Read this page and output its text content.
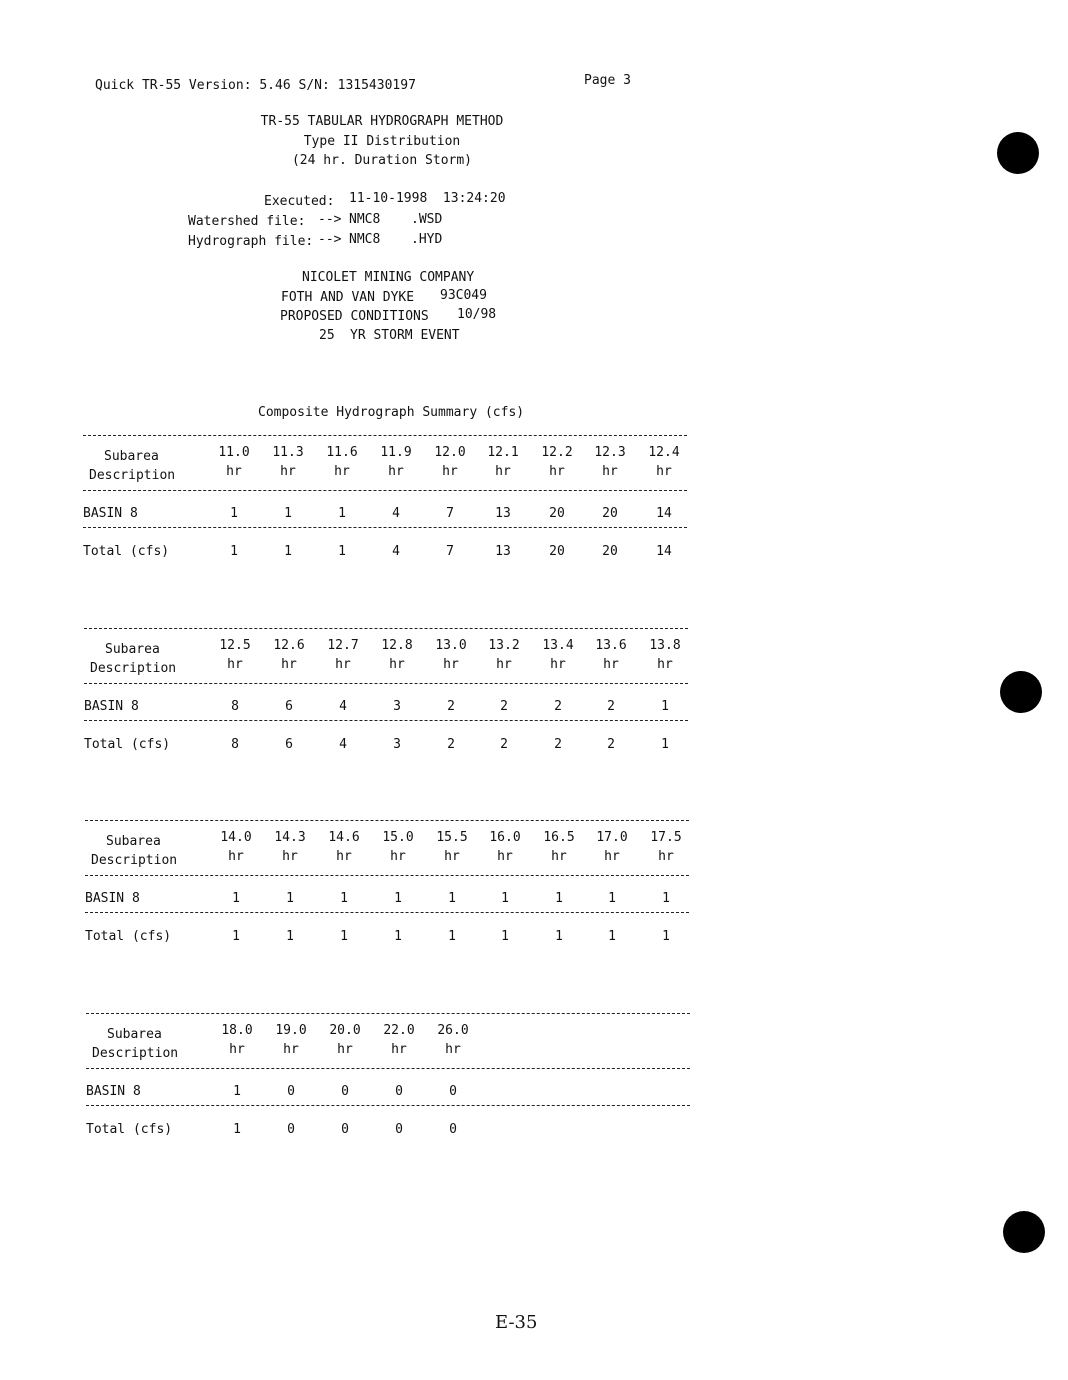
Quick TR-55 Version: 5.46 S/N: 1315430197	Page 3
TR-55 TABULAR HYDROGRAPH METHOD
Type II Distribution
(24 hr. Duration Storm)
Executed: 11-10-1998  13:24:20
Watershed file: --> NMC8 .WSD
Hydrograph file: --> NMC8 .HYD
NICOLET MINING COMPANY
FOTH AND VAN DYKE 93C049
PROPOSED CONDITIONS 10/98
25 YR STORM EVENT
Composite Hydrograph Summary (cfs)
Subarea
Description
11.0
hr
1
1
11.3
hr
1
1
11.6
hr
1
1
11.9
hr
4
4
12.0
hr
7
7
12.1
hr
13
13
12.2
hr
20
20
12.3
hr
20
20
12.4
hr
14
14
BASIN 8
Total (cfs)
Subarea
Description
12.5
hr
8
8
12.6
hr
6
6
12.7
hr
4
4
12.8
hr
3
3
13.0
hr
2
2
13.2
hr
2
2
13.4
hr
2
2
13.6
hr
2
2
13.8
hr
1
1
BASIN 8
Total (cfs)
Subarea
Description
14.0
hr
1
1
14.3
hr
1
1
14.6
hr
1
1
15.0
hr
1
1
15.5
hr
1
1
16.0
hr
1
1
16.5
hr
1
1
17.0
hr
1
1
17.5
hr
1
1
BASIN 8
Total (cfs)
Subarea
Description
18.0
hr
1
1
19.0
hr
0
0
20.0
hr
0
0
22.0
hr
0
0
26.0
hr
0
0
BASIN 8
Total (cfs)
E-35
